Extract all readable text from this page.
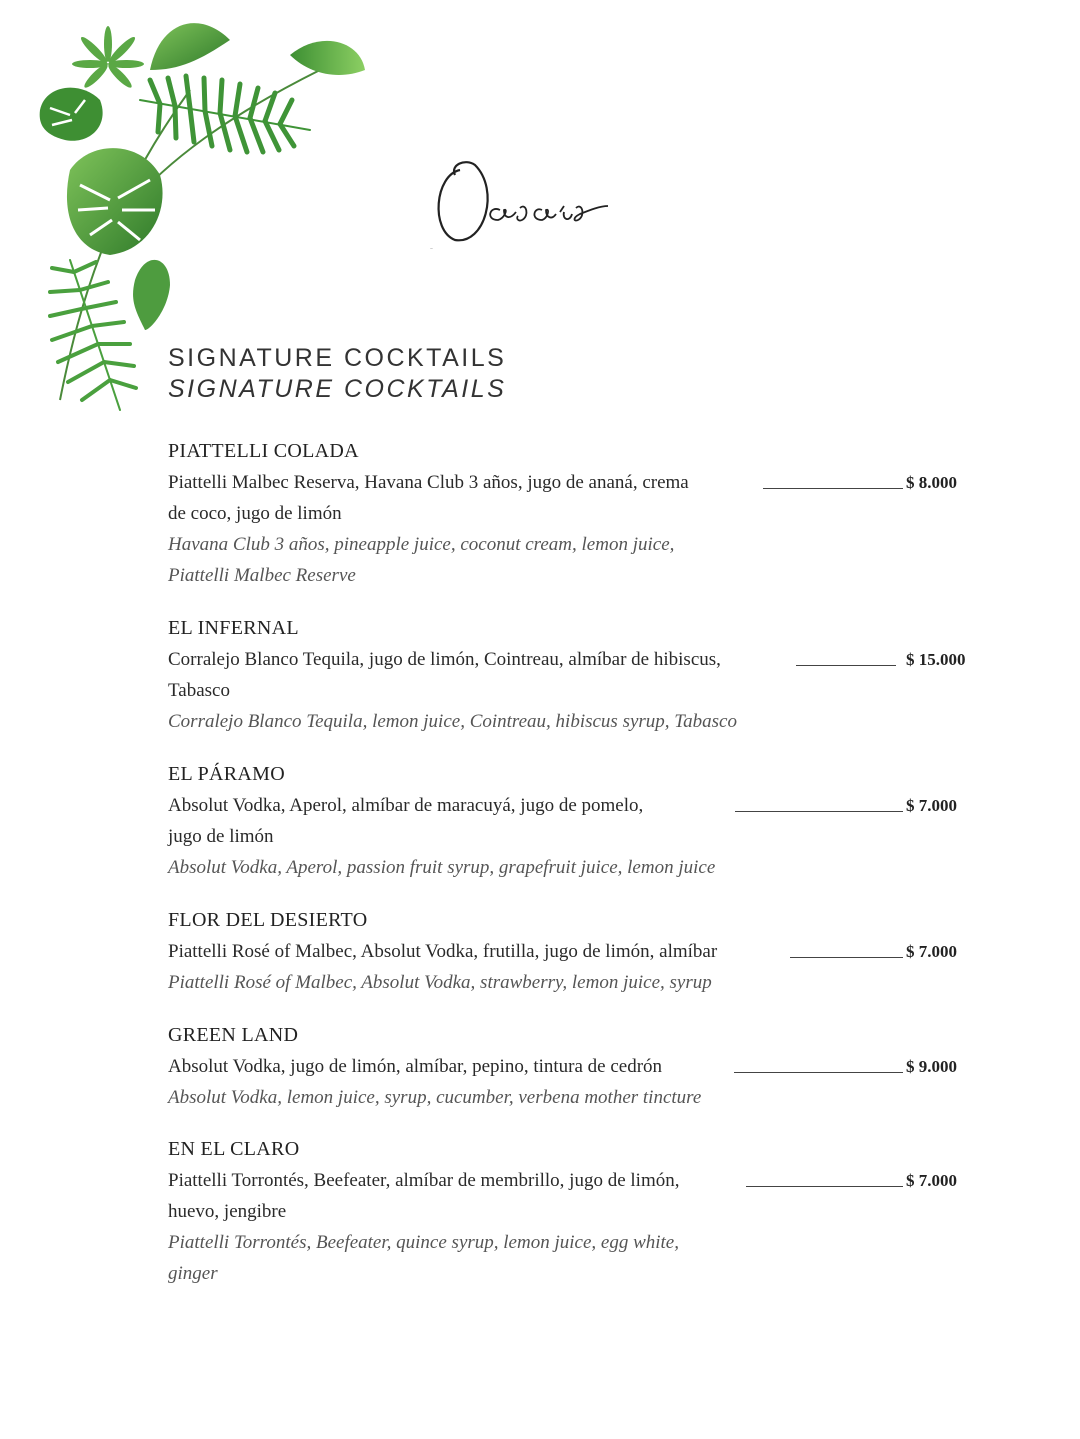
SIGNATURE COCKTAILS
SIGNATURE COCKTAILS
PIATTELLI COLADA
Piattelli Malbec Reserva, Havana Club 3 años, jugo de ananá, crema	$ 8.000
de coco, jugo de limón
Havana Club 3 años, pineapple juice, coconut cream, lemon juice,
Piattelli Malbec Reserve
EL INFERNAL
Corralejo Blanco Tequila, jugo de limón, Cointreau, almíbar de hibiscus,	$ 15.000
Tabasco
Corralejo Blanco Tequila, lemon juice, Cointreau, hibiscus syrup, Tabasco
EL PÁRAMO
Absolut Vodka, Aperol, almíbar de maracuyá, jugo de pomelo,	$ 7.000
jugo de limón
Absolut Vodka, Aperol, passion fruit syrup, grapefruit juice, lemon juice
FLOR DEL DESIERTO
Piattelli Rosé of Malbec, Absolut Vodka, frutilla, jugo de limón, almíbar	$ 7.000
Piattelli Rosé of Malbec, Absolut Vodka, strawberry, lemon juice, syrup
GREEN LAND
Absolut Vodka, jugo de limón, almíbar, pepino, tintura de cedrón	$ 9.000
Absolut Vodka, lemon juice, syrup, cucumber, verbena mother tincture
EN EL CLARO
Piattelli Torrontés, Beefeater, almíbar de membrillo, jugo de limón,	$ 7.000
huevo, jengibre
Piattelli Torrontés, Beefeater, quince syrup, lemon juice, egg white,
ginger
